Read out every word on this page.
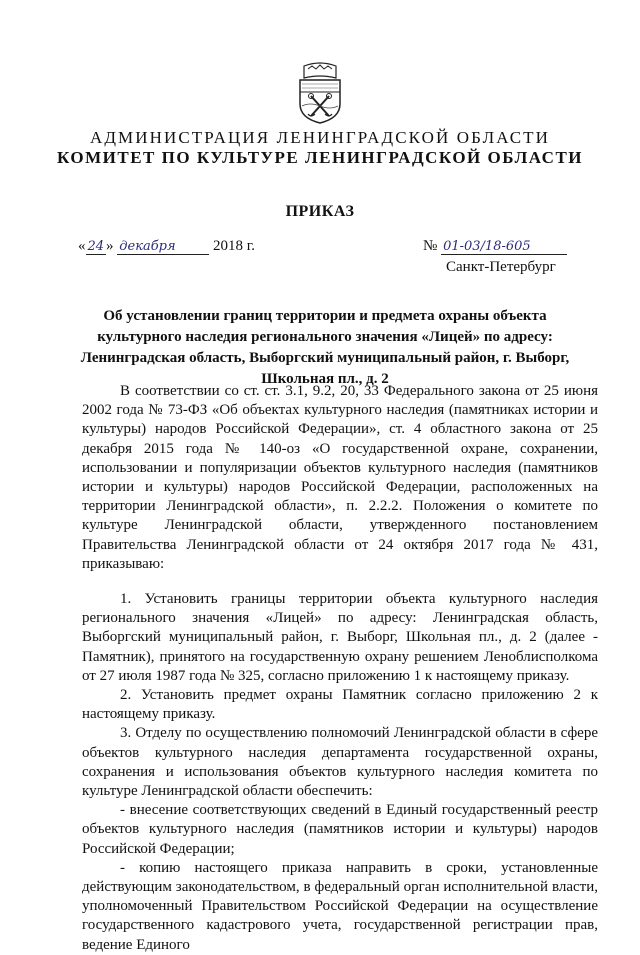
АДМИНИСТРАЦИЯ ЛЕНИНГРАДСКОЙ ОБЛАСТИ
КОМИТЕТ ПО КУЛЬТУРЕ ЛЕНИНГРАДСКОЙ ОБЛАСТИ
ПРИКАЗ
« 24 » декабря 2018 г.	№ 01-03/18-605
Санкт-Петербург
Об установлении границ территории и предмета охраны объекта культурного наследия регионального значения «Лицей» по адресу: Ленинградская область, Выборгский муниципальный район, г. Выборг, Школьная пл., д. 2

В соответствии со ст. ст. 3.1, 9.2, 20, 33 Федерального закона от 25 июня 2002 года № 73-ФЗ «Об объектах культурного наследия (памятниках истории и культуры) народов Российской Федерации», ст. 4 областного закона от 25 декабря 2015 года № 140-оз «О государственной охране, сохранении, использовании и популяризации объектов культурного наследия (памятников истории и культуры) народов Российской Федерации, расположенных на территории Ленинградской области», п. 2.2.2. Положения о комитете по культуре Ленинградской области, утвержденного постановлением Правительства Ленинградской области от 24 октября 2017 года № 431, приказываю:

1. Установить границы территории объекта культурного наследия регионального значения «Лицей» по адресу: Ленинградская область, Выборгский муниципальный район, г. Выборг, Школьная пл., д. 2 (далее - Памятник), принятого на государственную охрану решением Леноблисполкома от 27 июля 1987 года № 325, согласно приложению 1 к настоящему приказу.

2. Установить предмет охраны Памятник согласно приложению 2 к настоящему приказу.

3. Отделу по осуществлению полномочий Ленинградской области в сфере объектов культурного наследия департамента государственной охраны, сохранения и использования объектов культурного наследия комитета по культуре Ленинградской области обеспечить:

- внесение соответствующих сведений в Единый государственный реестр объектов культурного наследия (памятников истории и культуры) народов Российской Федерации;

- копию настоящего приказа направить в сроки, установленные действующим законодательством, в федеральный орган исполнительной власти, уполномоченный Правительством Российской Федерации на осуществление государственного кадастрового учета, государственной регистрации прав, ведение Единого
